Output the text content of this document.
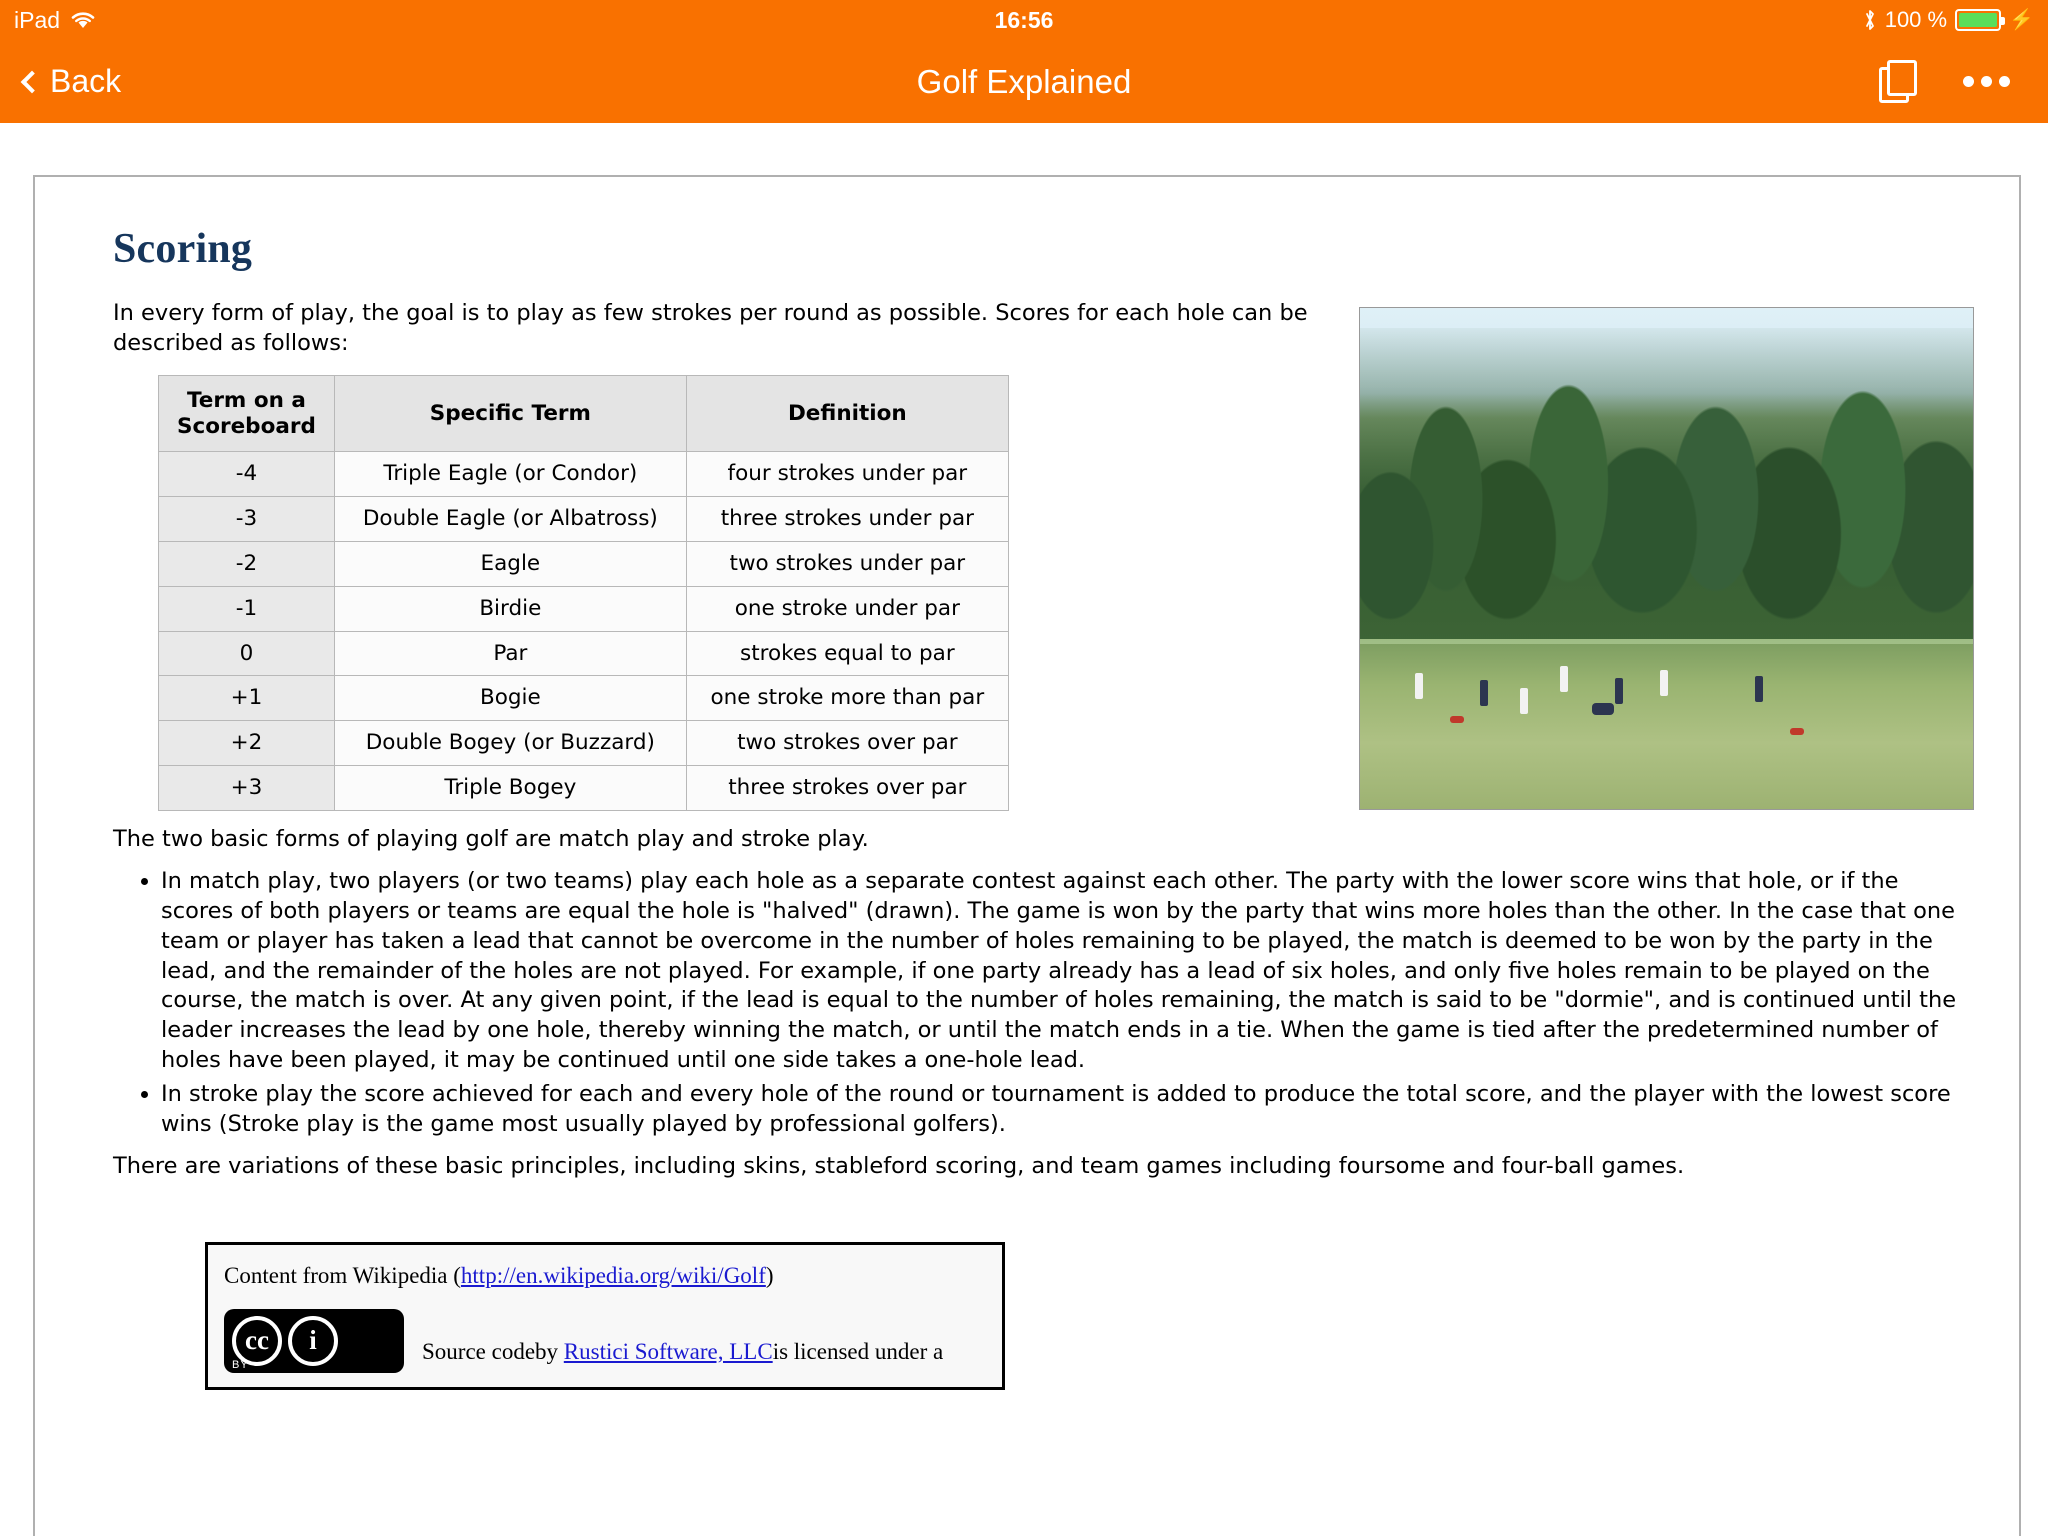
iPad	16:56	100 %	⚡
Back	Golf Explained
Scoring

In every form of play, the goal is to play as few strokes per round as possible. Scores for each hole can be described as follows:

Term on a Scoreboard	Specific Term	Definition
-4	Triple Eagle (or Condor)	four strokes under par
-3	Double Eagle (or Albatross)	three strokes under par
-2	Eagle	two strokes under par
-1	Birdie	one stroke under par
0	Par	strokes equal to par
+1	Bogie	one stroke more than par
+2	Double Bogey (or Buzzard)	two strokes over par
+3	Triple Bogey	three strokes over par

The two basic forms of playing golf are match play and stroke play.

• In match play, two players (or two teams) play each hole as a separate contest against each other. The party with the lower score wins that hole, or if the scores of both players or teams are equal the hole is "halved" (drawn). The game is won by the party that wins more holes than the other. In the case that one team or player has taken a lead that cannot be overcome in the number of holes remaining to be played, the match is deemed to be won by the party in the lead, and the remainder of the holes are not played. For example, if one party already has a lead of six holes, and only five holes remain to be played on the course, the match is over. At any given point, if the lead is equal to the number of holes remaining, the match is said to be "dormie", and is continued until the leader increases the lead by one hole, thereby winning the match, or until the match ends in a tie. When the game is tied after the predetermined number of holes have been played, it may be continued until one side takes a one-hole lead.
• In stroke play the score achieved for each and every hole of the round or tournament is added to produce the total score, and the player with the lowest score wins (Stroke play is the game most usually played by professional golfers).

There are variations of these basic principles, including skins, stableford scoring, and team games including foursome and four-ball games.

Content from Wikipedia (http://en.wikipedia.org/wiki/Golf)
cc	i
BY
Source codeby Rustici Software, LLCis licensed under a
